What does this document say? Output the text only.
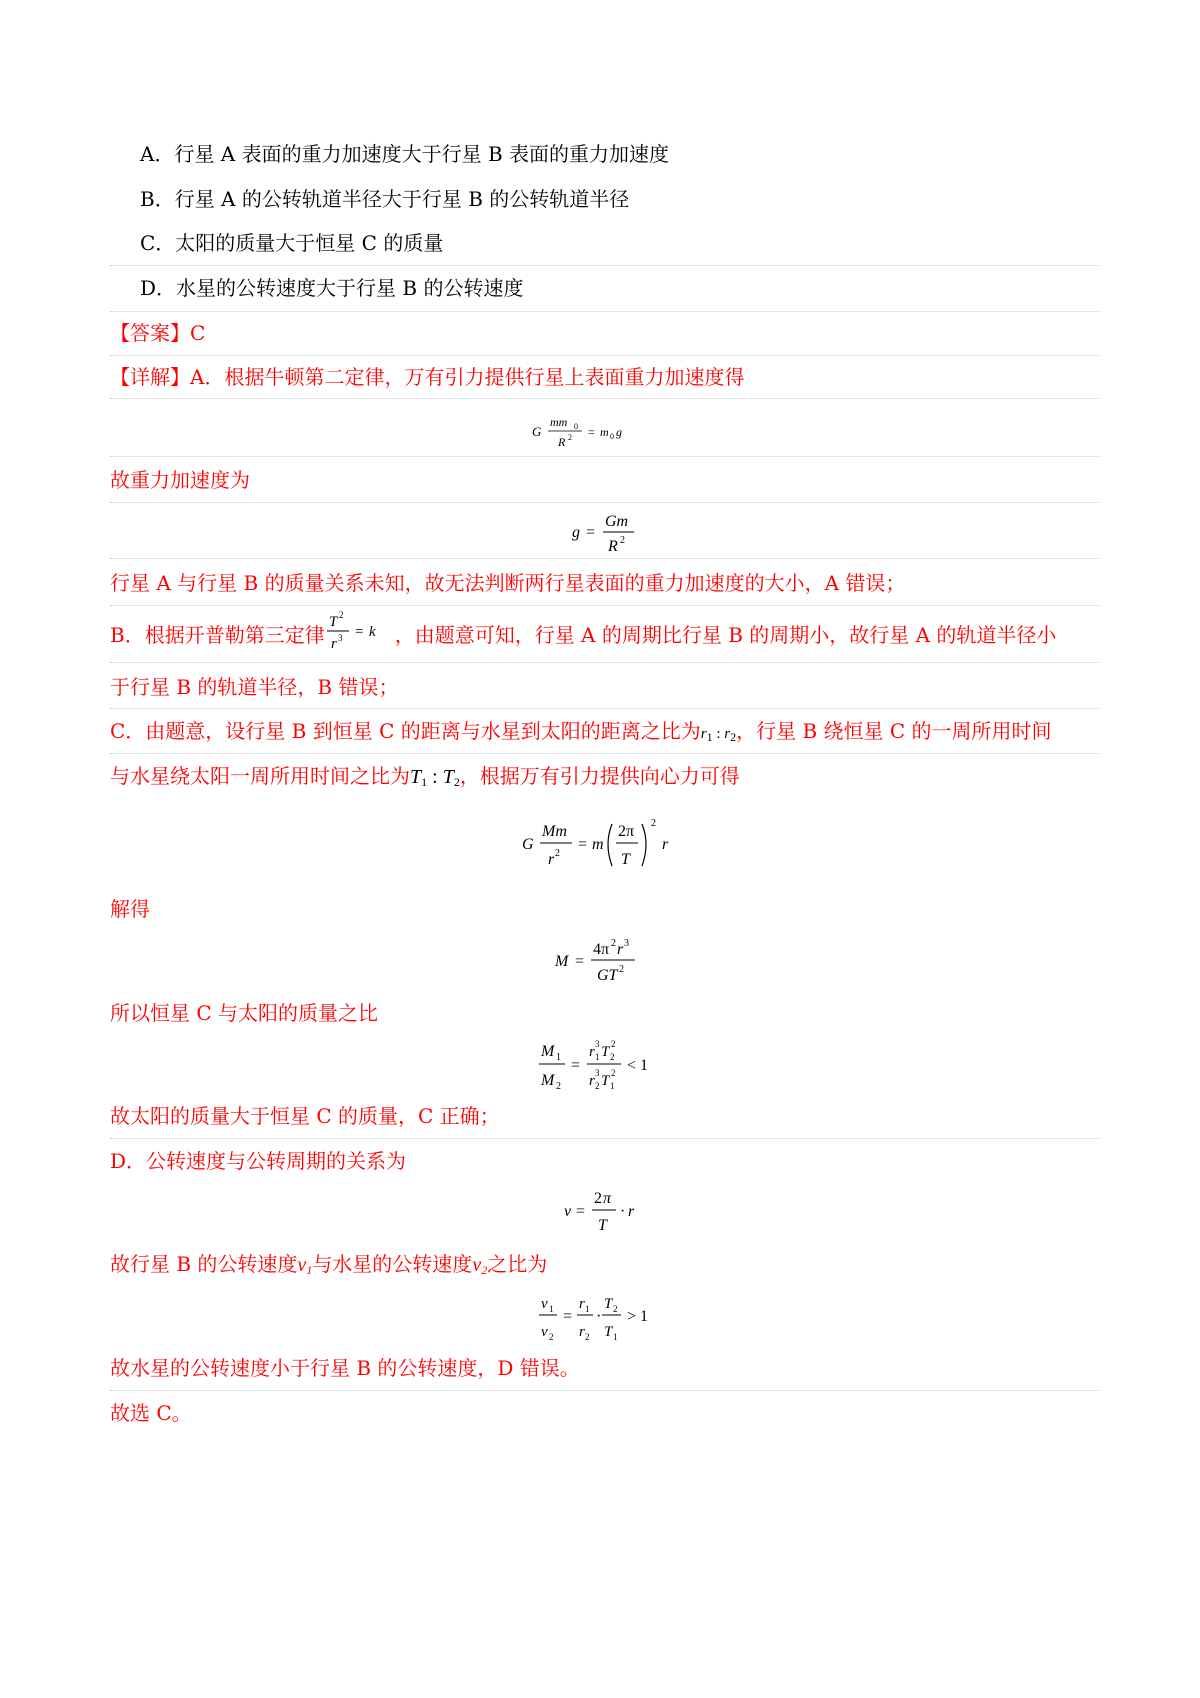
A．行星 A 表面的重力加速度大于行星 B 表面的重力加速度
B．行星 A 的公转轨道半径大于行星 B 的公转轨道半径
C．太阳的质量大于恒星 C 的质量
D．水星的公转速度大于行星 B 的公转速度
【答案】C
【详解】A．根据牛顿第二定律，万有引力提供行星上表面重力加速度得
G
mm 0
R 2 = m 0 g
故重力加速度为
g =
Gm
R 2
行星 A 与行星 B 的质量关系未知，故无法判断两行星表面的重力加速度的大小，A 错误；
B．根据开普勒第三定律
T 2
r 3 = k ，由题意可知，行星 A 的周期比行星 B 的周期小，故行星 A 的轨道半径小
于行星 B 的轨道半径，B 错误；
C．由题意，设行星 B 到恒星 C 的距离与水星到太阳的距离之比为$r_1$ : $r_2$，行星 B 绕恒星 C 的一周所用时间
与水星绕太阳一周所用时间之比为$T_1$ : $T_2$，根据万有引力提供向心力可得
G
Mm
r 2
= m
2π
T
2
r
解得
M =
4π 2 r 3
GT 2
所以恒星 C 与太阳的质量之比
M 1
M 2
=
r 1
3 T 2
2
r 2
3 T 1
2 < 1
故太阳的质量大于恒星 C 的质量，C 正确；
D．公转速度与公转周期的关系为
v =
2 π
T
· r
故行星 B 的公转速度$v_1$与水星的公转速度$v_2$之比为
v 1
v 2
=
r 1
r 2
·
T 2
T 1
> 1
故水星的公转速度小于行星 B 的公转速度，D 错误。
故选 C。
